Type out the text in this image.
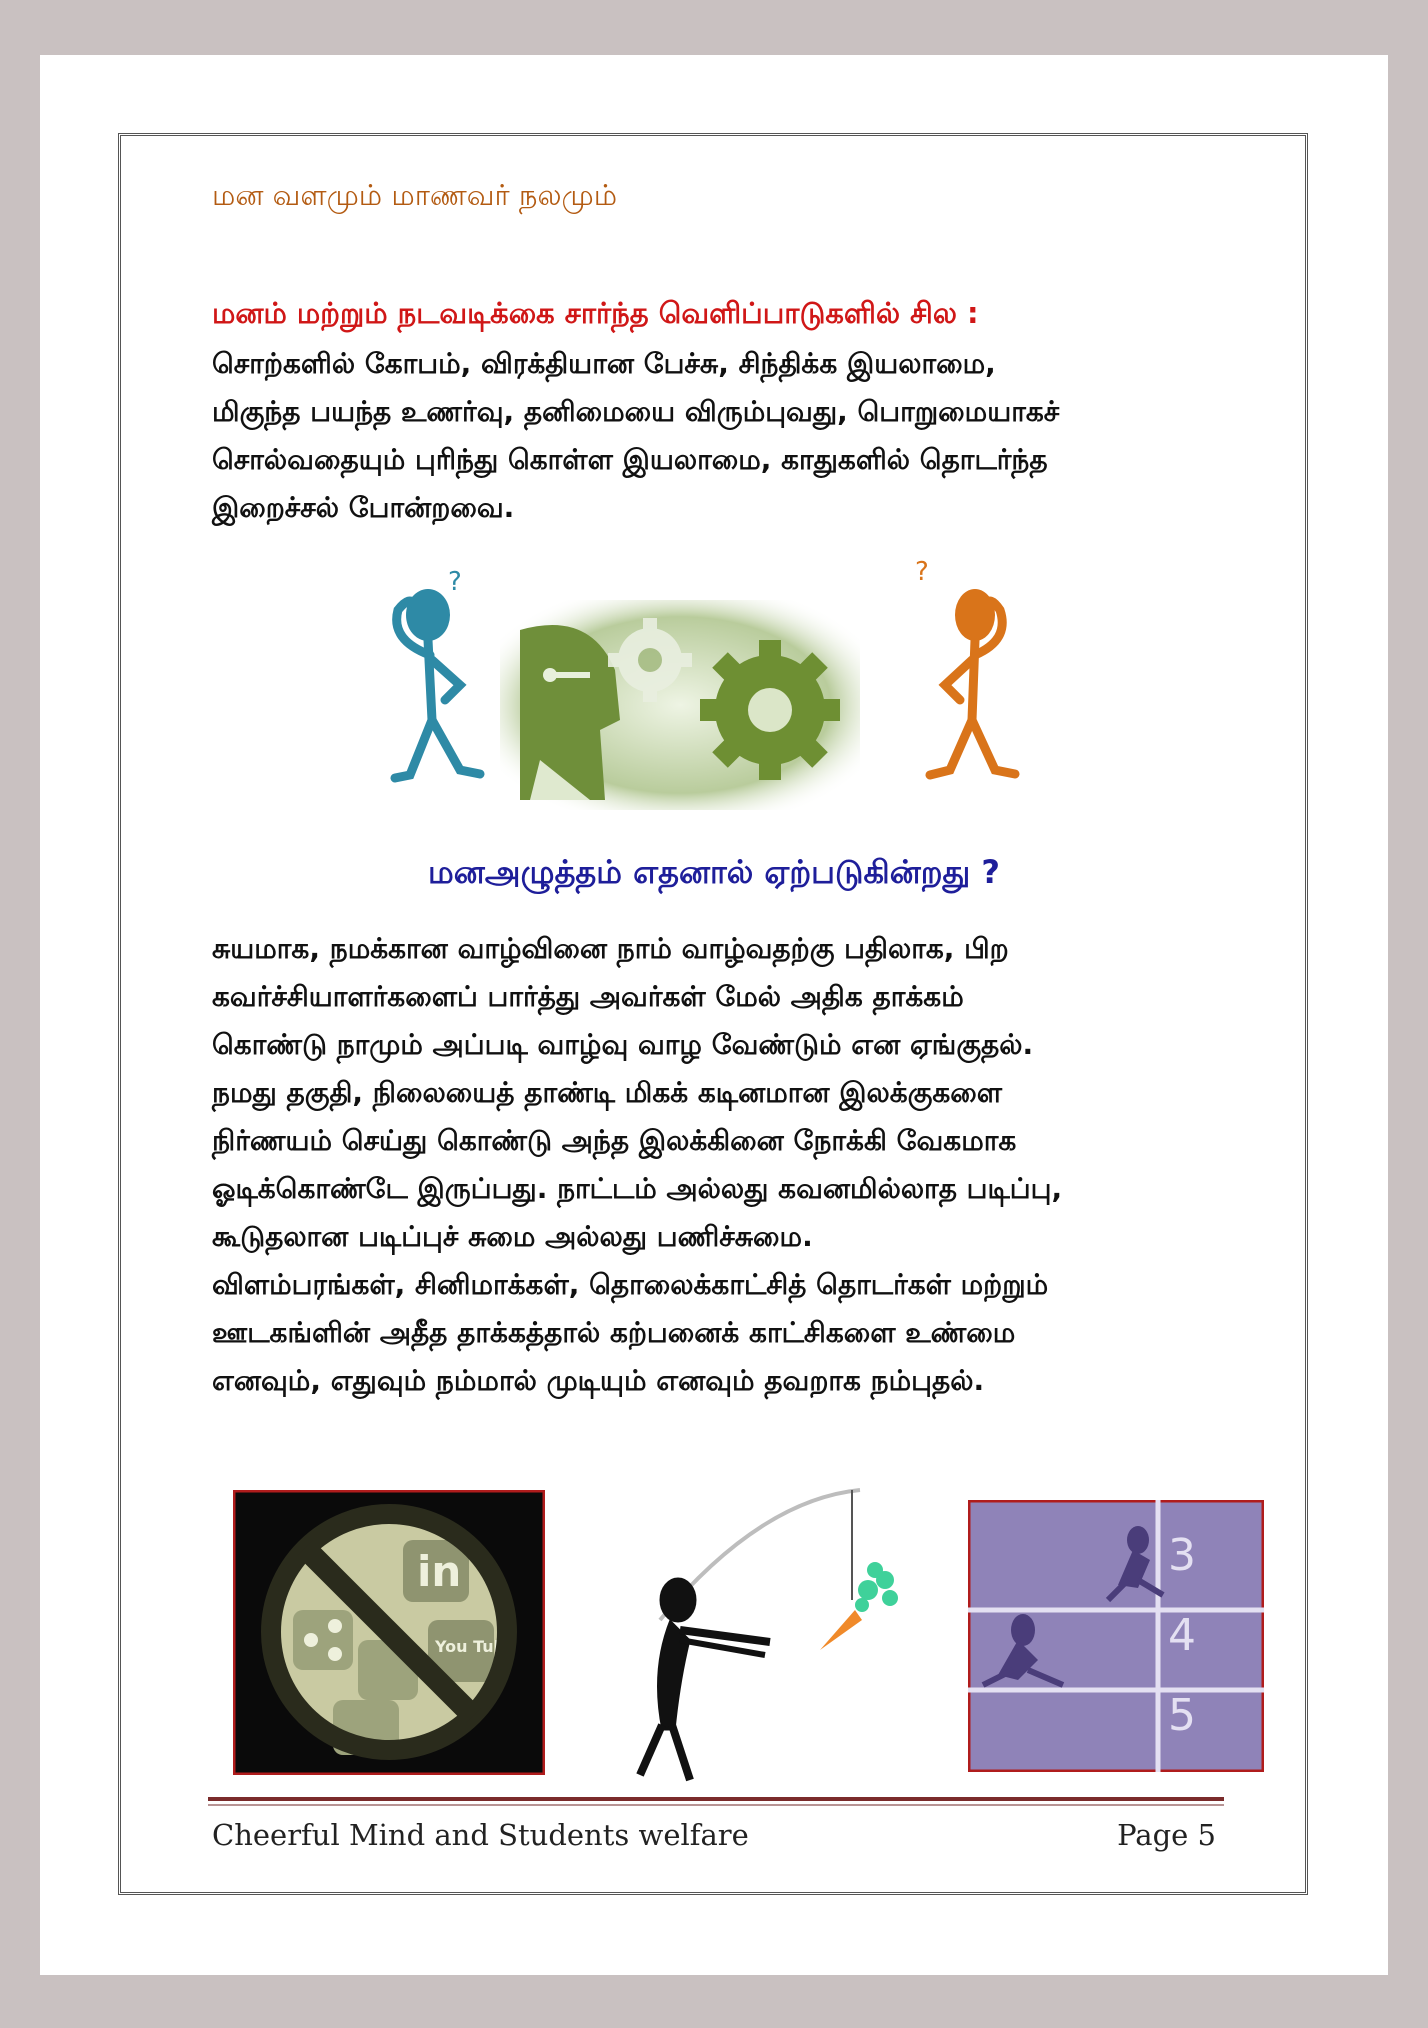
மன வளமும் மாணவர் நலமும்
மனம் மற்றும் நடவடிக்கை சார்ந்த வெளிப்பாடுகளில் சில :

சொற்களில் கோபம், விரக்தியான பேச்சு, சிந்திக்க இயலாமை,

மிகுந்த பயந்த உணர்வு, தனிமையை விரும்புவது, பொறுமையாகச்

சொல்வதையும் புரிந்து கொள்ள இயலாமை, காதுகளில் தொடர்ந்த

இறைச்சல் போன்றவை.

?	?
மனஅழுத்தம் எதனால் ஏற்படுகின்றது ?

சுயமாக, நமக்கான வாழ்வினை நாம் வாழ்வதற்கு பதிலாக, பிற

கவர்ச்சியாளர்களைப் பார்த்து அவர்கள் மேல் அதிக தாக்கம்

கொண்டு நாமும் அப்படி வாழ்வு வாழ வேண்டும் என ஏங்குதல்.

நமது தகுதி, நிலையைத் தாண்டி மிகக் கடினமான இலக்குகளை

நிர்ணயம் செய்து கொண்டு அந்த இலக்கினை நோக்கி வேகமாக

ஓடிக்கொண்டே இருப்பது. நாட்டம் அல்லது கவனமில்லாத படிப்பு,

கூடுதலான படிப்புச் சுமை அல்லது பணிச்சுமை.

விளம்பரங்கள், சினிமாக்கள், தொலைக்காட்சித் தொடர்கள் மற்றும்

ஊடகங்ளின் அதீத தாக்கத்தால் கற்பனைக் காட்சிகளை உண்மை

எனவும், எதுவும் நம்மால் முடியும் எனவும் தவறாக நம்புதல்.

in
You Tube
3
4
5
Cheerful Mind and Students welfare	Page 5
